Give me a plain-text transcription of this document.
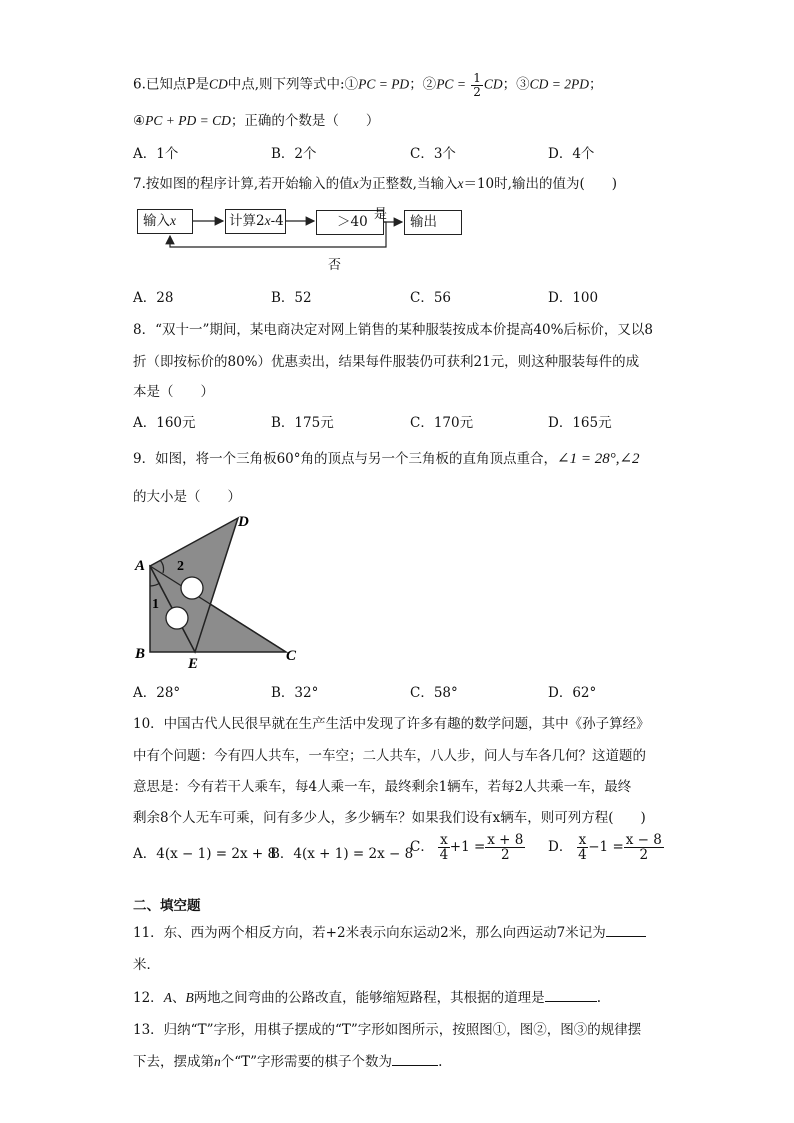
6.已知点P是CD中点,则下列等式中:①PC = PD；②PC = $\frac{1}{2}$ CD；③CD = 2PD；
④PC + PD = CD；正确的个数是（　　）
A．1个	B．2个	C．3个	D．4个
7.按如图的程序计算,若开始输入的值x为正整数,当输入x＝10时,输出的值为(　　)
输入x	计算2x-4	＞40	输出
是
否
A．28	B．52	C．56	D．100
8．“双十一”期间，某电商决定对网上销售的某种服装按成本价提高40%后标价，又以8
折（即按标价的80%）优惠卖出，结果每件服装仍可获利21元，则这种服装每件的成
本是（　　）
A．160元	B．175元	C．170元	D．165元
9．如图，将一个三角板60°角的顶点与另一个三角板的直角顶点重合，∠1 = 28°,∠2
的大小是（　　）
A
B	C
D
E
1
2
A．28°	B．32°	C．58°	D．62°
10．中国古代人民很早就在生产生活中发现了许多有趣的数学问题，其中《孙子算经》
中有个问题：今有四人共车，一车空；二人共车，八人步，问人与车各几何？这道题的
意思是：今有若干人乘车，每4人乘一车，最终剩余1辆车，若每2人共乘一车，最终
剩余8个人无车可乘，问有多少人，多少辆车？如果我们设有x辆车，则可列方程(　　)
A．4(x − 1) = 2x + 8
B．4(x + 1) = 2x − 8
C． $\frac{x}{4} +1 = \frac{x + 8}{2}$ D． $\frac{x}{4} -1 = \frac{x - 8}{2}$
二、填空题
11．东、西为两个相反方向，若+2米表示向东运动2米，那么向西运动7米记为
米．
12．A、B两地之间弯曲的公路改直，能够缩短路程，其根据的道理是	.
13．归纳“T”字形，用棋子摆成的“T”字形如图所示，按照图①，图②，图③的规律摆
下去，摆成第n个“T”字形需要的棋子个数为	.
